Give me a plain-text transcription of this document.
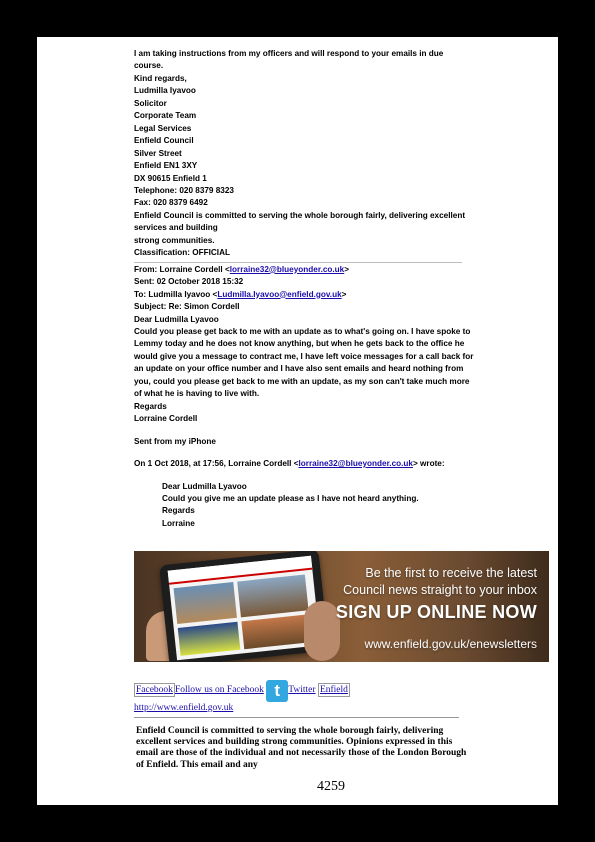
I am taking instructions from my officers and will respond to your emails in due course.

Kind regards,

Ludmilla Iyavoo

Solicitor

Corporate Team

Legal Services

Enfield Council

Silver Street

Enfield EN1 3XY

DX 90615 Enfield 1

Telephone: 020 8379 8323

Fax: 020 8379 6492

Enfield Council is committed to serving the whole borough fairly, delivering excellent services and building

strong communities.

Classification: OFFICIAL

From: Lorraine Cordell <lorraine32@blueyonder.co.uk>

Sent: 02 October 2018 15:32

To: Ludmilla Iyavoo <Ludmilla.Iyavoo@enfield.gov.uk>

Subject: Re: Simon Cordell

Dear Ludmilla Lyavoo

Could you please get back to me with an update as to what's going on. I have spoke to Lemmy today and he does not know anything, but when he gets back to the office he would give you a message to contract me, I have left voice messages for a call back for an update on your office number and I have also sent emails and heard nothing from you, could you please get back to me with an update, as my son can't take much more of what he is having to live with.

Regards

Lorraine Cordell

Sent from my iPhone

On 1 Oct 2018, at 17:56, Lorraine Cordell <lorraine32@blueyonder.co.uk> wrote:

Dear Ludmilla Lyavoo

Could you give me an update please as I have not heard anything.

Regards

Lorraine

Be the first to receive the latest
Council news straight to your inbox
SIGN UP ONLINE NOW
www.enfield.gov.uk/enewsletters
Facebook Follow us on Facebook t Twitter Enfield
http://www.enfield.gov.uk
Enfield Council is committed to serving the whole borough fairly, delivering excellent services and building strong communities. Opinions expressed in this email are those of the individual and not necessarily those of the London Borough of Enfield. This email and any
4259
